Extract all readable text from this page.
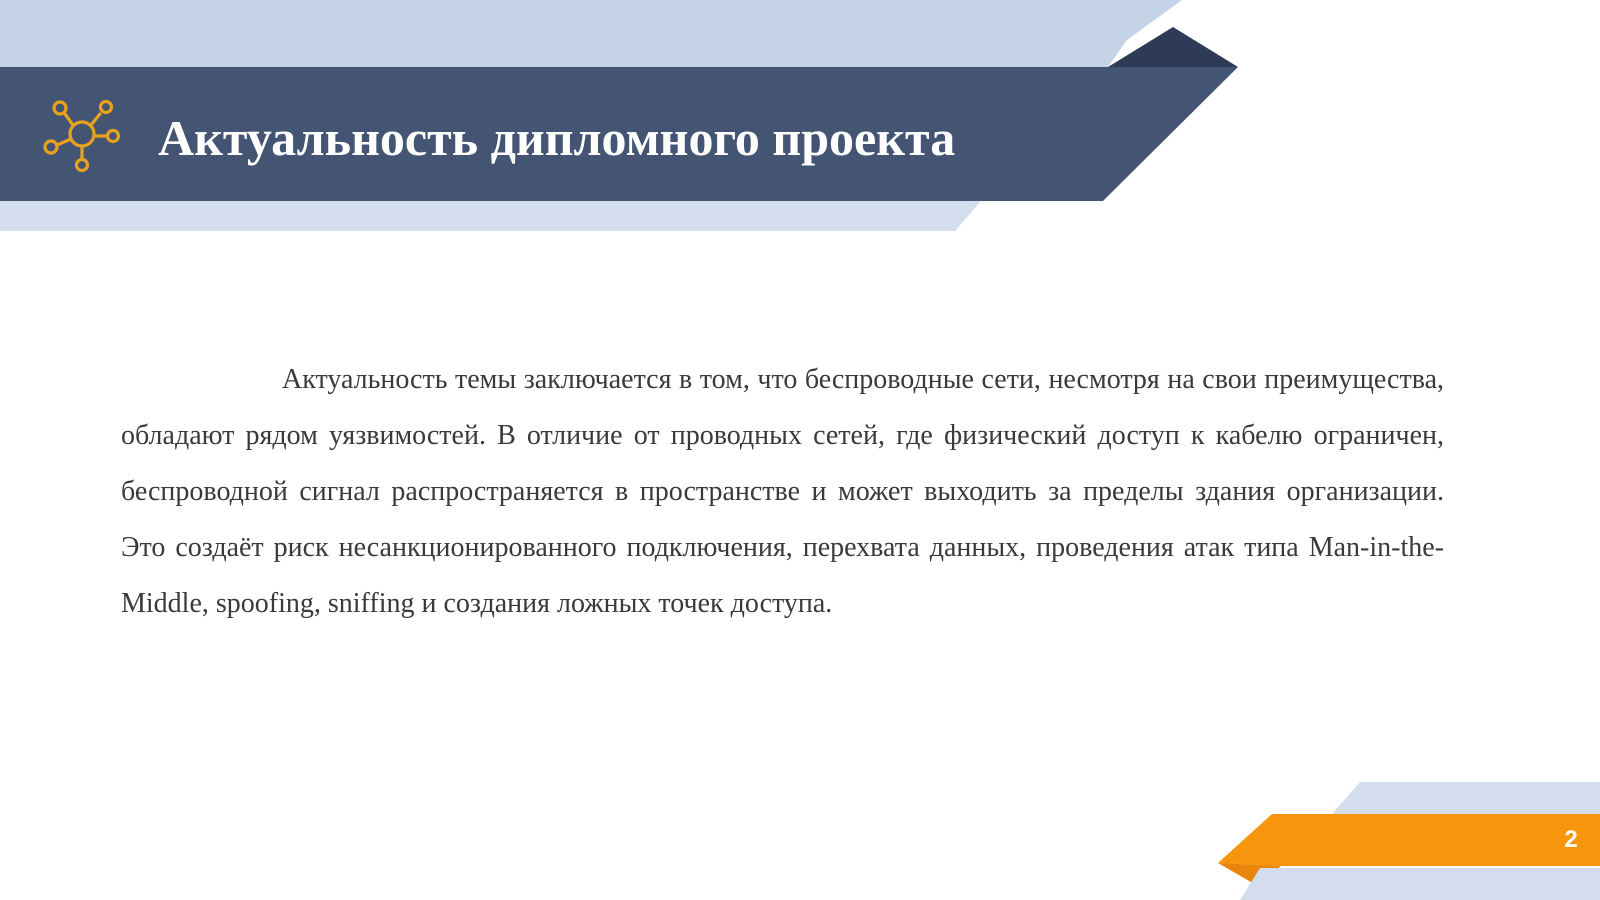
Актуальность дипломного проекта

Актуальность темы заключается в том, что беспроводные сети, несмотря на свои преимущества, обладают рядом уязвимостей. В отличие от проводных сетей, где физический доступ к кабелю ограничен, беспроводной сигнал распространяется в пространстве и может выходить за пределы здания организации. Это создаёт риск несанкционированного подключения, перехвата данных, проведения атак типа Man-in-the-Middle, spoofing, sniffing и создания ложных точек доступа.

2
